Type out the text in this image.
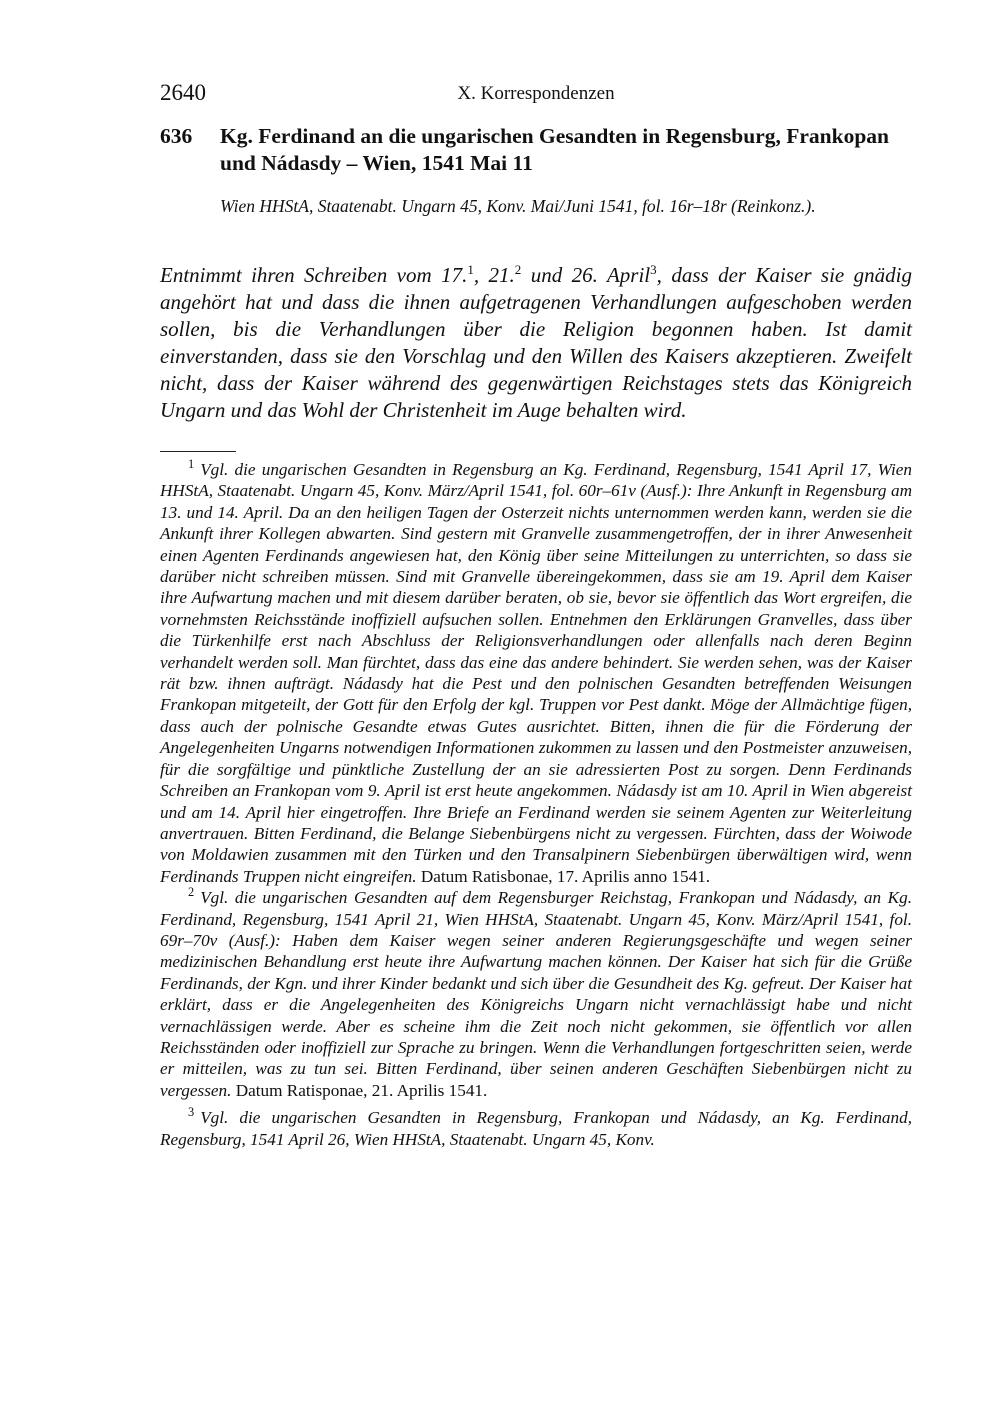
2640	X. Korrespondenzen
636 Kg. Ferdinand an die ungarischen Gesandten in Regensburg, Frankopan und Nádasdy – Wien, 1541 Mai 11
Wien HHStA, Staatenabt. Ungarn 45, Konv. Mai/Juni 1541, fol. 16r–18r (Reinkonz.).
Entnimmt ihren Schreiben vom 17.$^1$, 21.$^2$ und 26. April$^3$, dass der Kaiser sie gnädig angehört hat und dass die ihnen aufgetragenen Verhandlungen aufgeschoben werden sollen, bis die Verhandlungen über die Religion begonnen haben. Ist damit einverstanden, dass sie den Vorschlag und den Willen des Kaisers akzeptieren. Zweifelt nicht, dass der Kaiser während des gegenwärtigen Reichstages stets das Königreich Ungarn und das Wohl der Christenheit im Auge behalten wird.

$^1$ Vgl. die ungarischen Gesandten in Regensburg an Kg. Ferdinand, Regensburg, 1541 April 17, Wien HHStA, Staatenabt. Ungarn 45, Konv. März/April 1541, fol. 60r–61v (Ausf.): Ihre Ankunft in Regensburg am 13. und 14. April. Da an den heiligen Tagen der Osterzeit nichts unternommen werden kann, werden sie die Ankunft ihrer Kollegen abwarten. Sind gestern mit Granvelle zusammengetroffen, der in ihrer Anwesenheit einen Agenten Ferdinands angewiesen hat, den König über seine Mitteilungen zu unterrichten, so dass sie darüber nicht schreiben müssen. Sind mit Granvelle übereingekommen, dass sie am 19. April dem Kaiser ihre Aufwartung machen und mit diesem darüber beraten, ob sie, bevor sie öffentlich das Wort ergreifen, die vornehmsten Reichsstände inoffiziell aufsuchen sollen. Entnehmen den Erklärungen Granvelles, dass über die Türkenhilfe erst nach Abschluss der Religionsverhandlungen oder allenfalls nach deren Beginn verhandelt werden soll. Man fürchtet, dass das eine das andere behindert. Sie werden sehen, was der Kaiser rät bzw. ihnen aufträgt. Nádasdy hat die Pest und den polnischen Gesandten betreffenden Weisungen Frankopan mitgeteilt, der Gott für den Erfolg der kgl. Truppen vor Pest dankt. Möge der Allmächtige fügen, dass auch der polnische Gesandte etwas Gutes ausrichtet. Bitten, ihnen die für die Förderung der Angelegenheiten Ungarns notwendigen Informationen zukommen zu lassen und den Postmeister anzuweisen, für die sorgfältige und pünktliche Zustellung der an sie adressierten Post zu sorgen. Denn Ferdinands Schreiben an Frankopan vom 9. April ist erst heute angekommen. Nádasdy ist am 10. April in Wien abgereist und am 14. April hier eingetroffen. Ihre Briefe an Ferdinand werden sie seinem Agenten zur Weiterleitung anvertrauen. Bitten Ferdinand, die Belange Siebenbürgens nicht zu vergessen. Fürchten, dass der Woiwode von Moldawien zusammen mit den Türken und den Transalpinern Siebenbürgen überwältigen wird, wenn Ferdinands Truppen nicht eingreifen. Datum Ratisbonae, 17. Aprilis anno 1541.

$^2$ Vgl. die ungarischen Gesandten auf dem Regensburger Reichstag, Frankopan und Nádasdy, an Kg. Ferdinand, Regensburg, 1541 April 21, Wien HHStA, Staatenabt. Ungarn 45, Konv. März/April 1541, fol. 69r–70v (Ausf.): Haben dem Kaiser wegen seiner anderen Regierungsgeschäfte und wegen seiner medizinischen Behandlung erst heute ihre Aufwartung machen können. Der Kaiser hat sich für die Grüße Ferdinands, der Kgn. und ihrer Kinder bedankt und sich über die Gesundheit des Kg. gefreut. Der Kaiser hat erklärt, dass er die Angelegenheiten des Königreichs Ungarn nicht vernachlässigt habe und nicht vernachlässigen werde. Aber es scheine ihm die Zeit noch nicht gekommen, sie öffentlich vor allen Reichsständen oder inoffiziell zur Sprache zu bringen. Wenn die Verhandlungen fortgeschritten seien, werde er mitteilen, was zu tun sei. Bitten Ferdinand, über seinen anderen Geschäften Siebenbürgen nicht zu vergessen. Datum Ratisponae, 21. Aprilis 1541.

$^3$ Vgl. die ungarischen Gesandten in Regensburg, Frankopan und Nádasdy, an Kg. Ferdinand, Regensburg, 1541 April 26, Wien HHStA, Staatenabt. Ungarn 45, Konv.
